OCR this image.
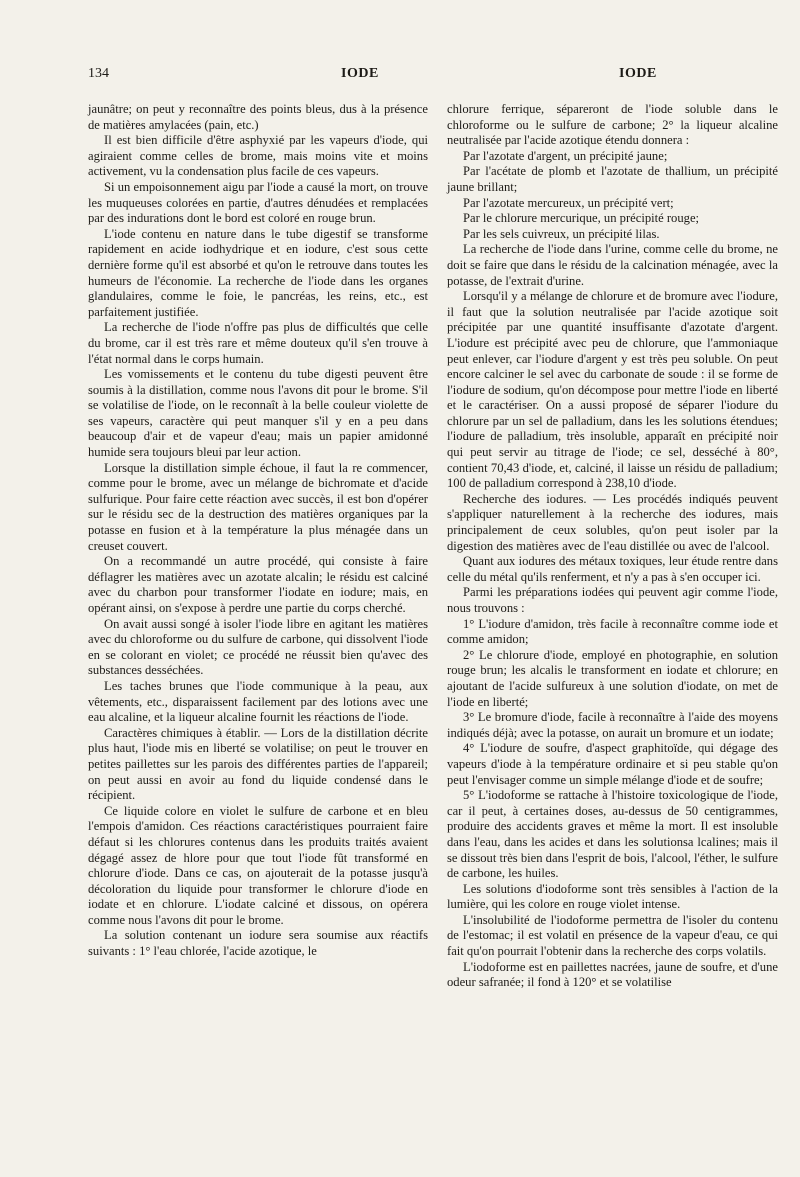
134	IODE	IODE

jaunâtre; on peut y reconnaître des points bleus, dus à la présence de matières amylacées (pain, etc.)

Il est bien difficile d'être asphyxié par les vapeurs d'iode, qui agiraient comme celles de brome, mais moins vite et moins activement, vu la condensation plus facile de ces vapeurs.

Si un empoisonnement aigu par l'iode a causé la mort, on trouve les muqueuses colorées en partie, d'autres dénudées et remplacées par des indurations dont le bord est coloré en rouge brun.

L'iode contenu en nature dans le tube digestif se transforme rapidement en acide iodhydrique et en iodure, c'est sous cette dernière forme qu'il est absorbé et qu'on le retrouve dans toutes les humeurs de l'économie. La recherche de l'iode dans les organes glandulaires, comme le foie, le pancréas, les reins, etc., est parfaitement justifiée.

La recherche de l'iode n'offre pas plus de difficultés que celle du brome, car il est très rare et même douteux qu'il s'en trouve à l'état normal dans le corps humain.

Les vomissements et le contenu du tube digesti peuvent être soumis à la distillation, comme nous l'avons dit pour le brome. S'il se volatilise de l'iode, on le reconnaît à la belle couleur violette de ses vapeurs, caractère qui peut manquer s'il y en a peu dans beaucoup d'air et de vapeur d'eau; mais un papier amidonné humide sera toujours bleui par leur action.

Lorsque la distillation simple échoue, il faut la re commencer, comme pour le brome, avec un mélange de bichromate et d'acide sulfurique. Pour faire cette réaction avec succès, il est bon d'opérer sur le résidu sec de la destruction des matières organiques par la potasse en fusion et à la température la plus ménagée dans un creuset couvert.

On a recommandé un autre procédé, qui consiste à faire déflagrer les matières avec un azotate alcalin; le résidu est calciné avec du charbon pour transformer l'iodate en iodure; mais, en opérant ainsi, on s'expose à perdre une partie du corps cherché.

On avait aussi songé à isoler l'iode libre en agitant les matières avec du chloroforme ou du sulfure de carbone, qui dissolvent l'iode en se colorant en violet; ce procédé ne réussit bien qu'avec des substances desséchées.

Les taches brunes que l'iode communique à la peau, aux vêtements, etc., disparaissent facilement par des lotions avec une eau alcaline, et la liqueur alcaline fournit les réactions de l'iode.

Caractères chimiques à établir. — Lors de la distillation décrite plus haut, l'iode mis en liberté se volatilise; on peut le trouver en petites paillettes sur les parois des différentes parties de l'appareil; on peut aussi en avoir au fond du liquide condensé dans le récipient.

Ce liquide colore en violet le sulfure de carbone et en bleu l'empois d'amidon. Ces réactions caractéristiques pourraient faire défaut si les chlorures contenus dans les produits traités avaient dégagé assez de hlore pour que tout l'iode fût transformé en chlorure d'iode. Dans ce cas, on ajouterait de la potasse jusqu'à décoloration du liquide pour transformer le chlorure d'iode en iodate et en chlorure. L'iodate calciné et dissous, on opérera comme nous l'avons dit pour le brome.

La solution contenant un iodure sera soumise aux réactifs suivants : 1° l'eau chlorée, l'acide azotique, le

chlorure ferrique, sépareront de l'iode soluble dans le chloroforme ou le sulfure de carbone; 2° la liqueur alcaline neutralisée par l'acide azotique étendu donnera :

Par l'azotate d'argent, un précipité jaune;

Par l'acétate de plomb et l'azotate de thallium, un précipité jaune brillant;

Par l'azotate mercureux, un précipité vert;

Par le chlorure mercurique, un précipité rouge;

Par les sels cuivreux, un précipité lilas.

La recherche de l'iode dans l'urine, comme celle du brome, ne doit se faire que dans le résidu de la calcination ménagée, avec la potasse, de l'extrait d'urine.

Lorsqu'il y a mélange de chlorure et de bromure avec l'iodure, il faut que la solution neutralisée par l'acide azotique soit précipitée par une quantité insuffisante d'azotate d'argent. L'iodure est précipité avec peu de chlorure, que l'ammoniaque peut enlever, car l'iodure d'argent y est très peu soluble. On peut encore calciner le sel avec du carbonate de soude : il se forme de l'iodure de sodium, qu'on décompose pour mettre l'iode en liberté et le caractériser. On a aussi proposé de séparer l'iodure du chlorure par un sel de palladium, dans les les solutions étendues; l'iodure de palladium, très insoluble, apparaît en précipité noir qui peut servir au titrage de l'iode; ce sel, desséché à 80°, contient 70,43 d'iode, et, calciné, il laisse un résidu de palladium; 100 de palladium correspond à 238,10 d'iode.

Recherche des iodures. — Les procédés indiqués peuvent s'appliquer naturellement à la recherche des iodures, mais principalement de ceux solubles, qu'on peut isoler par la digestion des matières avec de l'eau distillée ou avec de l'alcool.

Quant aux iodures des métaux toxiques, leur étude rentre dans celle du métal qu'ils renferment, et n'y a pas à s'en occuper ici.

Parmi les préparations iodées qui peuvent agir comme l'iode, nous trouvons :

1° L'iodure d'amidon, très facile à reconnaître comme iode et comme amidon;

2° Le chlorure d'iode, employé en photographie, en solution rouge brun; les alcalis le transforment en iodate et chlorure; en ajoutant de l'acide sulfureux à une solution d'iodate, on met de l'iode en liberté;

3° Le bromure d'iode, facile à reconnaître à l'aide des moyens indiqués déjà; avec la potasse, on aurait un bromure et un iodate;

4° L'iodure de soufre, d'aspect graphitoïde, qui dégage des vapeurs d'iode à la température ordinaire et si peu stable qu'on peut l'envisager comme un simple mélange d'iode et de soufre;

5° L'iodoforme se rattache à l'histoire toxicologique de l'iode, car il peut, à certaines doses, au-dessus de 50 centigrammes, produire des accidents graves et même la mort. Il est insoluble dans l'eau, dans les acides et dans les solutionsa lcalines; mais il se dissout très bien dans l'esprit de bois, l'alcool, l'éther, le sulfure de carbone, les huiles.

Les solutions d'iodoforme sont très sensibles à l'action de la lumière, qui les colore en rouge violet intense.

L'insolubilité de l'iodoforme permettra de l'isoler du contenu de l'estomac; il est volatil en présence de la vapeur d'eau, ce qui fait qu'on pourrait l'obtenir dans la recherche des corps volatils.

L'iodoforme est en paillettes nacrées, jaune de soufre, et d'une odeur safranée; il fond à 120° et se volatilise
